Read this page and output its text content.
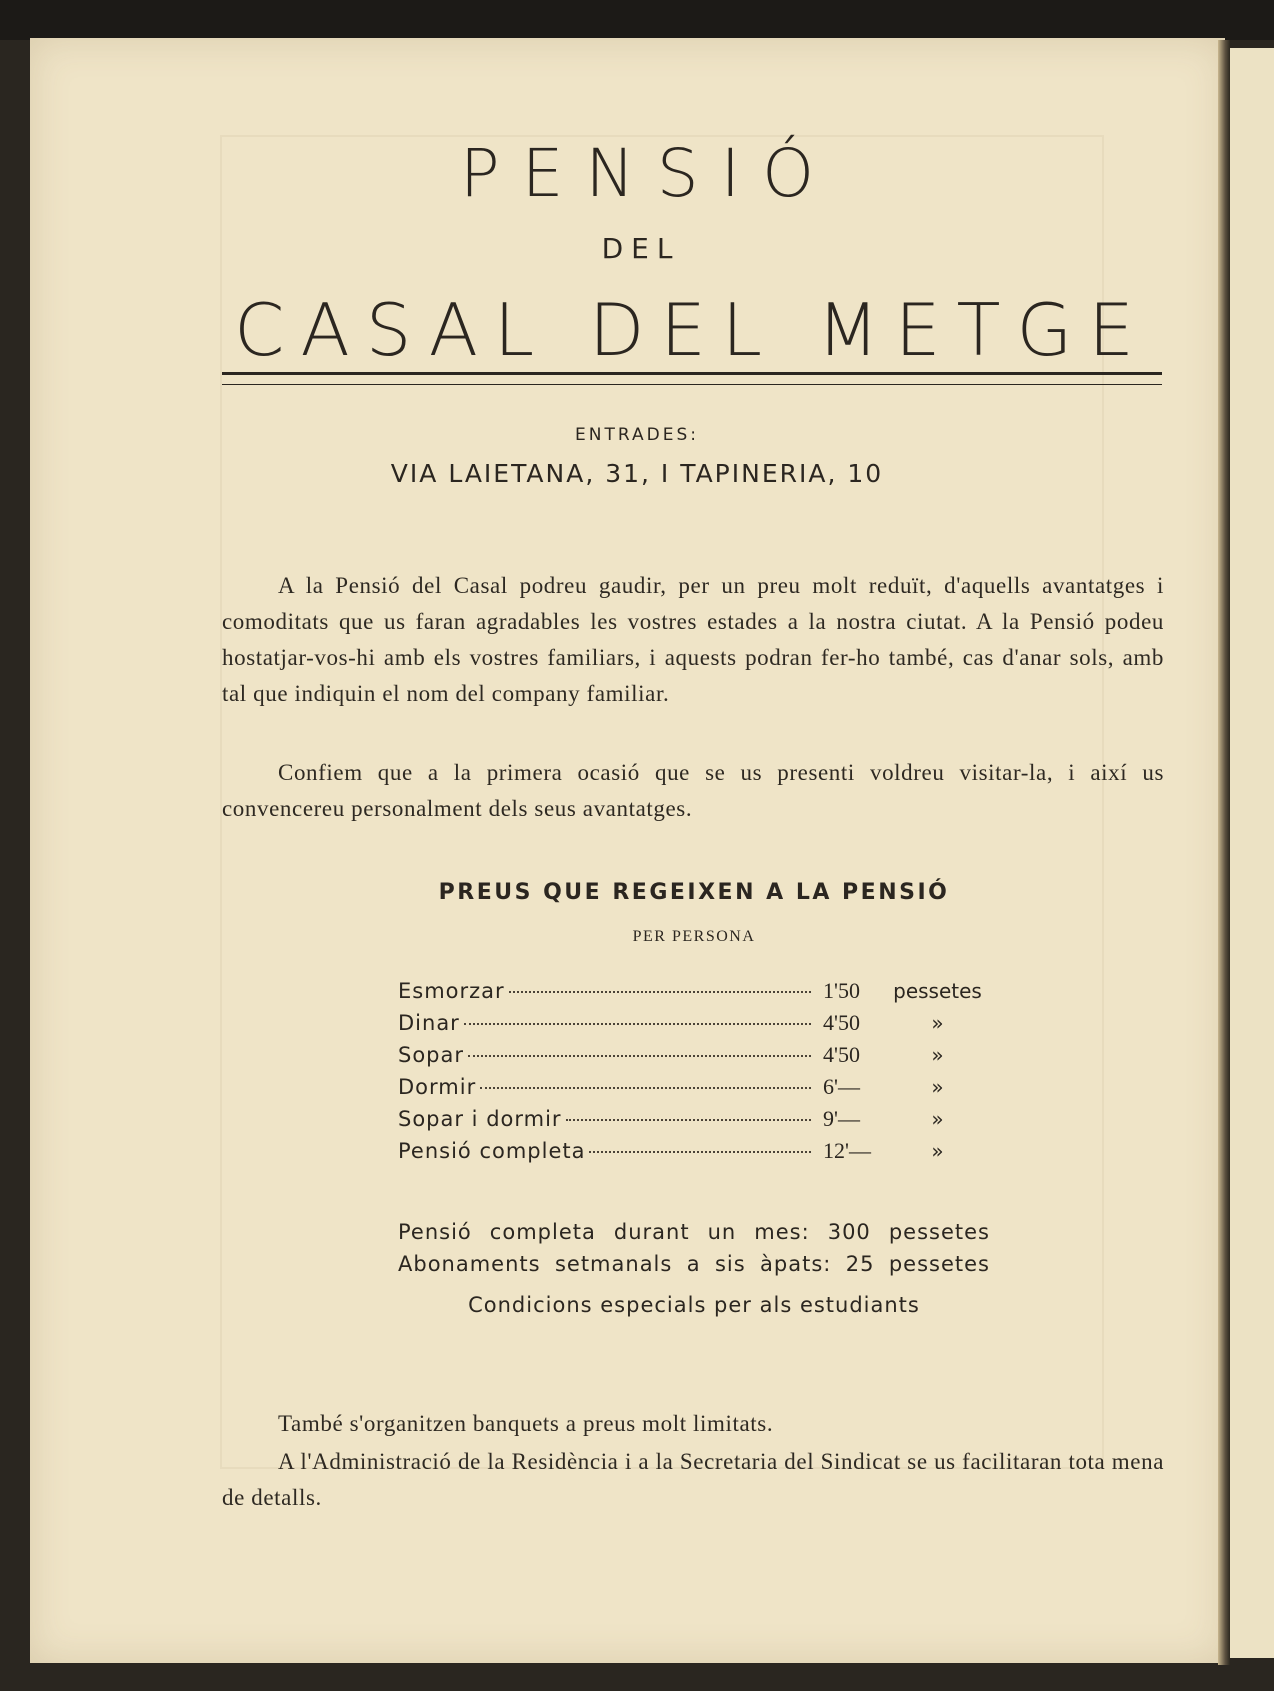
PENSIÓ
DEL
CASAL DEL METGE
ENTRADES:
VIA LAIETANA, 31, I TAPINERIA, 10
A la Pensió del Casal podreu gaudir, per un preu molt reduït, d'aquells avantatges i comoditats que us faran agradables les vostres estades a la nostra ciutat. A la Pensió podeu hostatjar-vos-hi amb els vostres familiars, i aquests podran fer-ho també, cas d'anar sols, amb tal que indiquin el nom del company familiar.
Confiem que a la primera ocasió que se us presenti voldreu visitar-la, i així us convencereu personalment dels seus avantatges.
PREUS QUE REGEIXEN A LA PENSIÓ
PER PERSONA
Esmorzar	1'50	pessetes
Dinar	4'50	»
Sopar	4'50	»
Dormir	6'—	»
Sopar i dormir	9'—	»
Pensió completa	12'—	»
Pensió completa durant un mes: 300 pessetes
Abonaments setmanals a sis àpats: 25 pessetes
Condicions especials per als estudiants
També s'organitzen banquets a preus molt limitats.
A l'Administració de la Residència i a la Secretaria del Sindicat se us facilitaran tota mena de detalls.
